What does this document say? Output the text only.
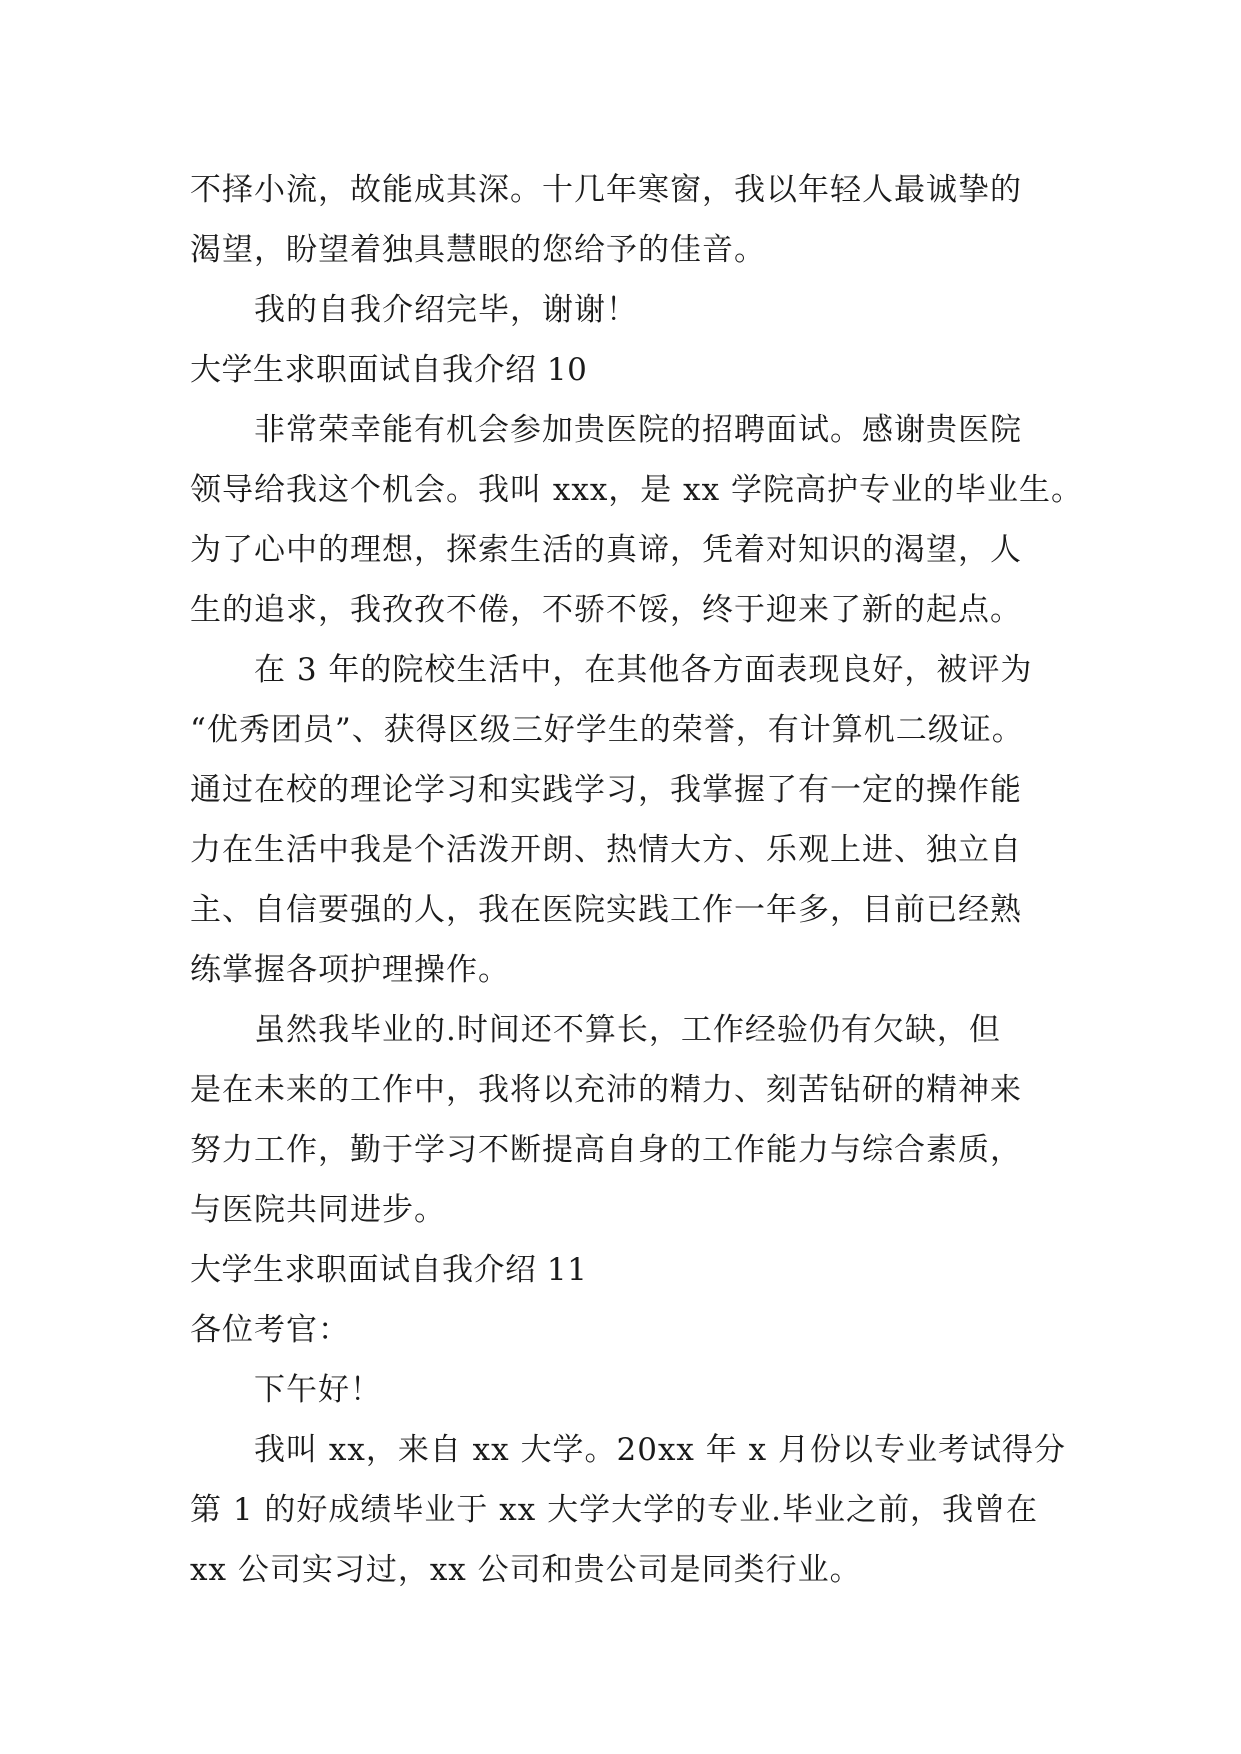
不择小流，故能成其深。十几年寒窗，我以年轻人最诚挚的
渴望，盼望着独具慧眼的您给予的佳音。
我的自我介绍完毕，谢谢！
大学生求职面试自我介绍 10
非常荣幸能有机会参加贵医院的招聘面试。感谢贵医院
领导给我这个机会。我叫 xxx，是 xx 学院高护专业的毕业生。
为了心中的理想，探索生活的真谛，凭着对知识的渴望，人
生的追求，我孜孜不倦，不骄不馁，终于迎来了新的起点。
在 3 年的院校生活中，在其他各方面表现良好，被评为
“优秀团员”、获得区级三好学生的荣誉，有计算机二级证。
通过在校的理论学习和实践学习，我掌握了有一定的操作能
力在生活中我是个活泼开朗、热情大方、乐观上进、独立自
主、自信要强的人，我在医院实践工作一年多，目前已经熟
练掌握各项护理操作。
虽然我毕业的.时间还不算长，工作经验仍有欠缺，但
是在未来的工作中，我将以充沛的精力、刻苦钻研的精神来
努力工作，勤于学习不断提高自身的工作能力与综合素质，
与医院共同进步。
大学生求职面试自我介绍 11
各位考官：
下午好！
我叫 xx，来自 xx 大学。20xx 年 x 月份以专业考试得分
第 1 的好成绩毕业于 xx 大学大学的专业.毕业之前，我曾在
xx 公司实习过，xx 公司和贵公司是同类行业。
